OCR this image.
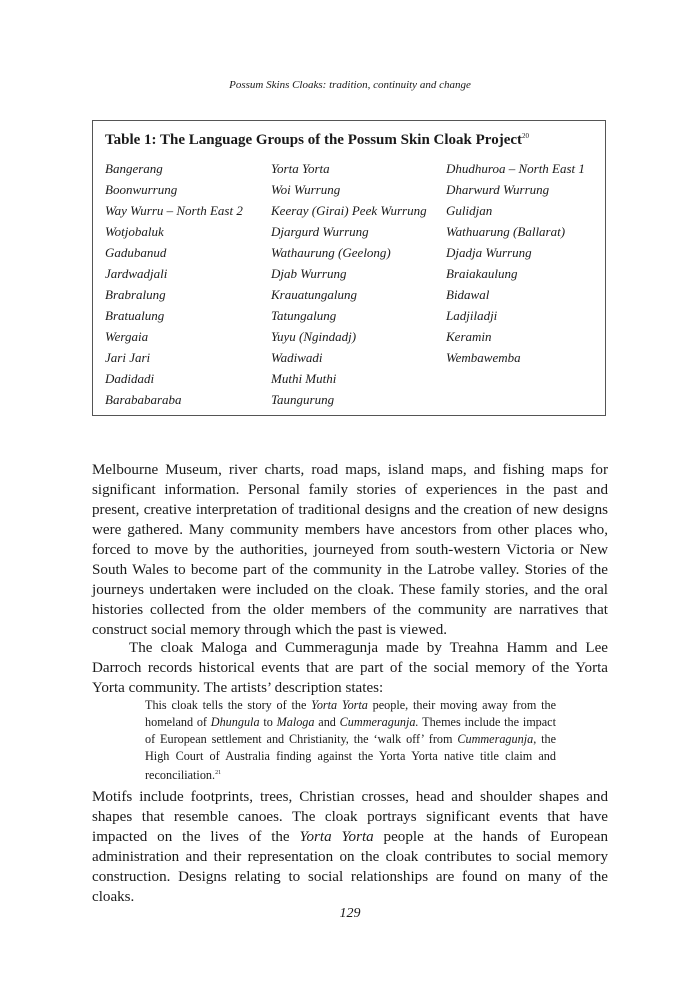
Possum Skins Cloaks: tradition, continuity and change
Table 1: The Language Groups of the Possum Skin Cloak Project$^{20}$
Bangerang
Boonwurrung
Way Wurru – North East 2
Wotjobaluk
Gadubanud
Jardwadjali
Brabralung
Bratualung
Wergaia
Jari Jari
Dadidadi
Barababaraba
Yorta Yorta
Woi Wurrung
Keeray (Girai) Peek Wurrung
Djargurd Wurrung
Wathaurung (Geelong)
Djab Wurrung
Krauatungalung
Tatungalung
Yuyu (Ngindadj)
Wadiwadi
Muthi Muthi
Taungurung
Dhudhuroa – North East 1
Dharwurd Wurrung
Gulidjan
Wathuarung (Ballarat)
Djadja Wurrung
Braiakaulung
Bidawal
Ladjiladji
Keramin
Wembawemba

Melbourne Museum, river charts, road maps, island maps, and fishing maps for significant information. Personal family stories of experiences in the past and present, creative interpretation of traditional designs and the creation of new designs were gathered. Many community members have ancestors from other places who, forced to move by the authorities, journeyed from south-western Victoria or New South Wales to become part of the community in the Latrobe valley. Stories of the journeys undertaken were included on the cloak. These family stories, and the oral histories collected from the older members of the community are narratives that construct social memory through which the past is viewed.

The cloak Maloga and Cummeragunja made by Treahna Hamm and Lee Darroch records historical events that are part of the social memory of the Yorta Yorta community. The artists’ description states:

This cloak tells the story of the Yorta Yorta people, their moving away from the homeland of Dhungula to Maloga and Cummeragunja. Themes include the impact of European settlement and Christianity, the ‘walk off’ from Cummeragunja, the High Court of Australia finding against the Yorta Yorta native title claim and reconciliation.$^{21}$

Motifs include footprints, trees, Christian crosses, head and shoulder shapes and shapes that resemble canoes. The cloak portrays significant events that have impacted on the lives of the Yorta Yorta people at the hands of European administration and their representation on the cloak contributes to social memory construction. Designs relating to social relationships are found on many of the cloaks.

129
